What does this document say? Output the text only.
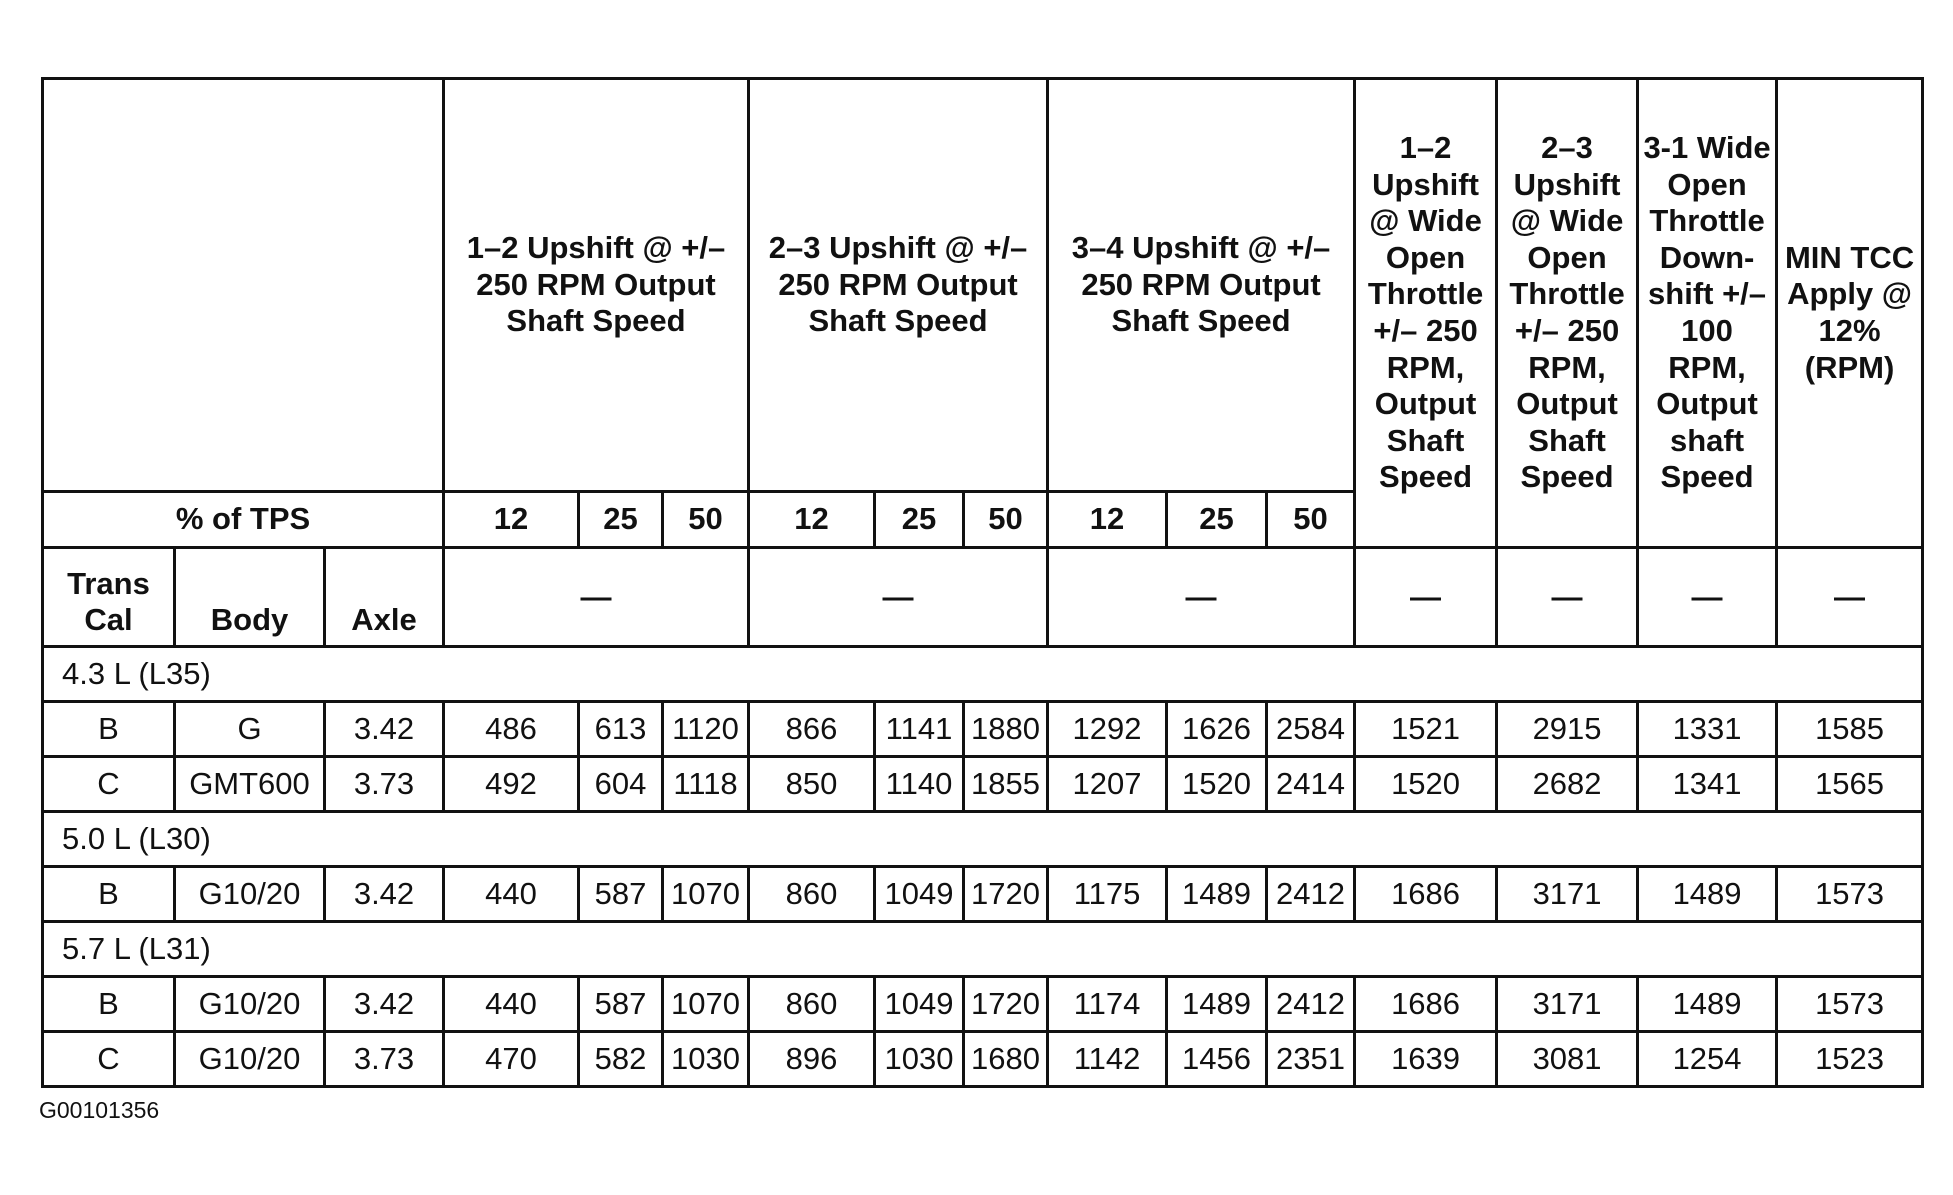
			1–2 Upshift @ +/– 250 RPM Output Shaft Speed			2–3 Upshift @ +/– 250 RPM Output Shaft Speed			3–4 Upshift @ +/– 250 RPM Output Shaft Speed			1–2 Upshift @ Wide Open Throttle +/– 250 RPM, Output Shaft Speed	2–3 Upshift @ Wide Open Throttle +/– 250 RPM, Output Shaft Speed	3-1 Wide Open Throttle Down-shift +/– 100 RPM, Output shaft Speed	MIN TCC Apply @ 12% (RPM)
% of TPS			12	25	50	12	25	50	12	25	50				
Trans Cal	Body	Axle	—			—			—			—	—	—	—
4.3 L (L35)															
B	G	3.42	486	613	1120	866	1141	1880	1292	1626	2584	1521	2915	1331	1585
C	GMT600	3.73	492	604	1118	850	1140	1855	1207	1520	2414	1520	2682	1341	1565
5.0 L (L30)															
B	G10/20	3.42	440	587	1070	860	1049	1720	1175	1489	2412	1686	3171	1489	1573
5.7 L (L31)															
B	G10/20	3.42	440	587	1070	860	1049	1720	1174	1489	2412	1686	3171	1489	1573
C	G10/20	3.73	470	582	1030	896	1030	1680	1142	1456	2351	1639	3081	1254	1523
G00101356
